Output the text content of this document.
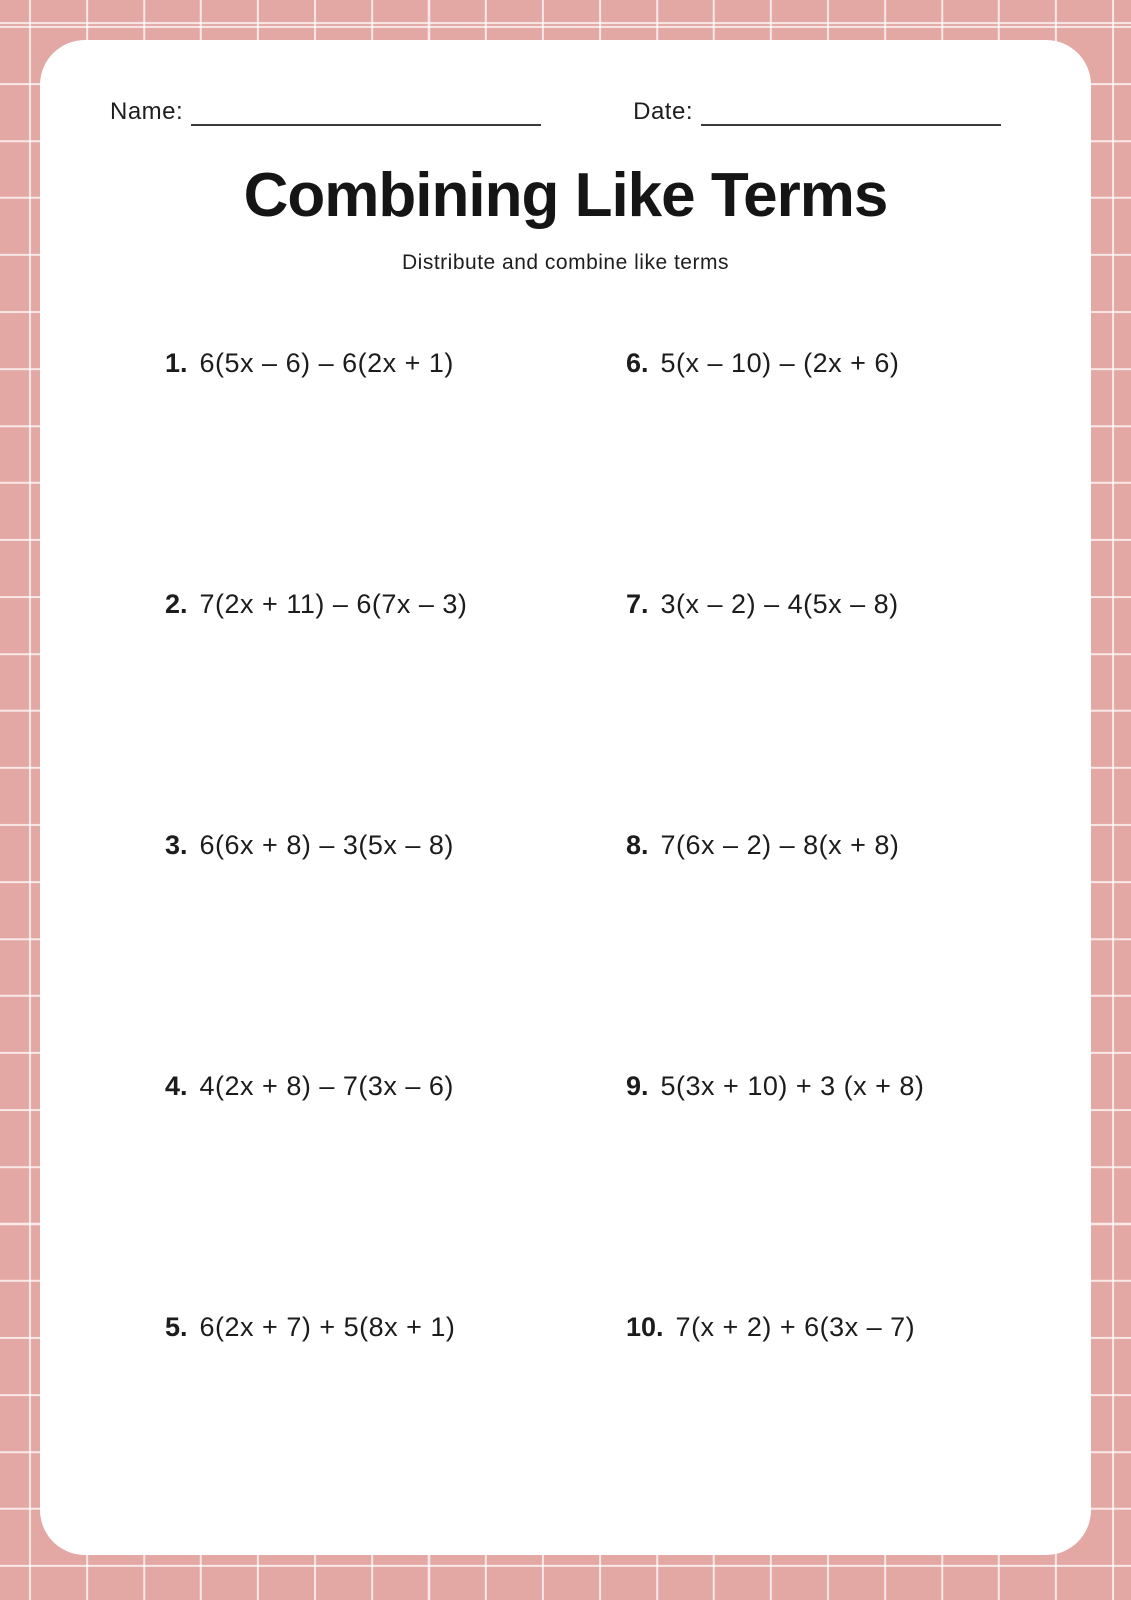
Name:	Date:
Combining Like Terms
Distribute and combine like terms
1. 6(5x – 6) – 6(2x + 1)
2. 7(2x + 11) – 6(7x – 3)
3. 6(6x + 8) – 3(5x – 8)
4. 4(2x + 8) – 7(3x – 6)
5. 6(2x + 7) + 5(8x + 1)
6. 5(x – 10) – (2x + 6)
7. 3(x – 2) – 4(5x – 8)
8. 7(6x – 2) – 8(x + 8)
9. 5(3x + 10) + 3 (x + 8)
10. 7(x + 2) + 6(3x – 7)
